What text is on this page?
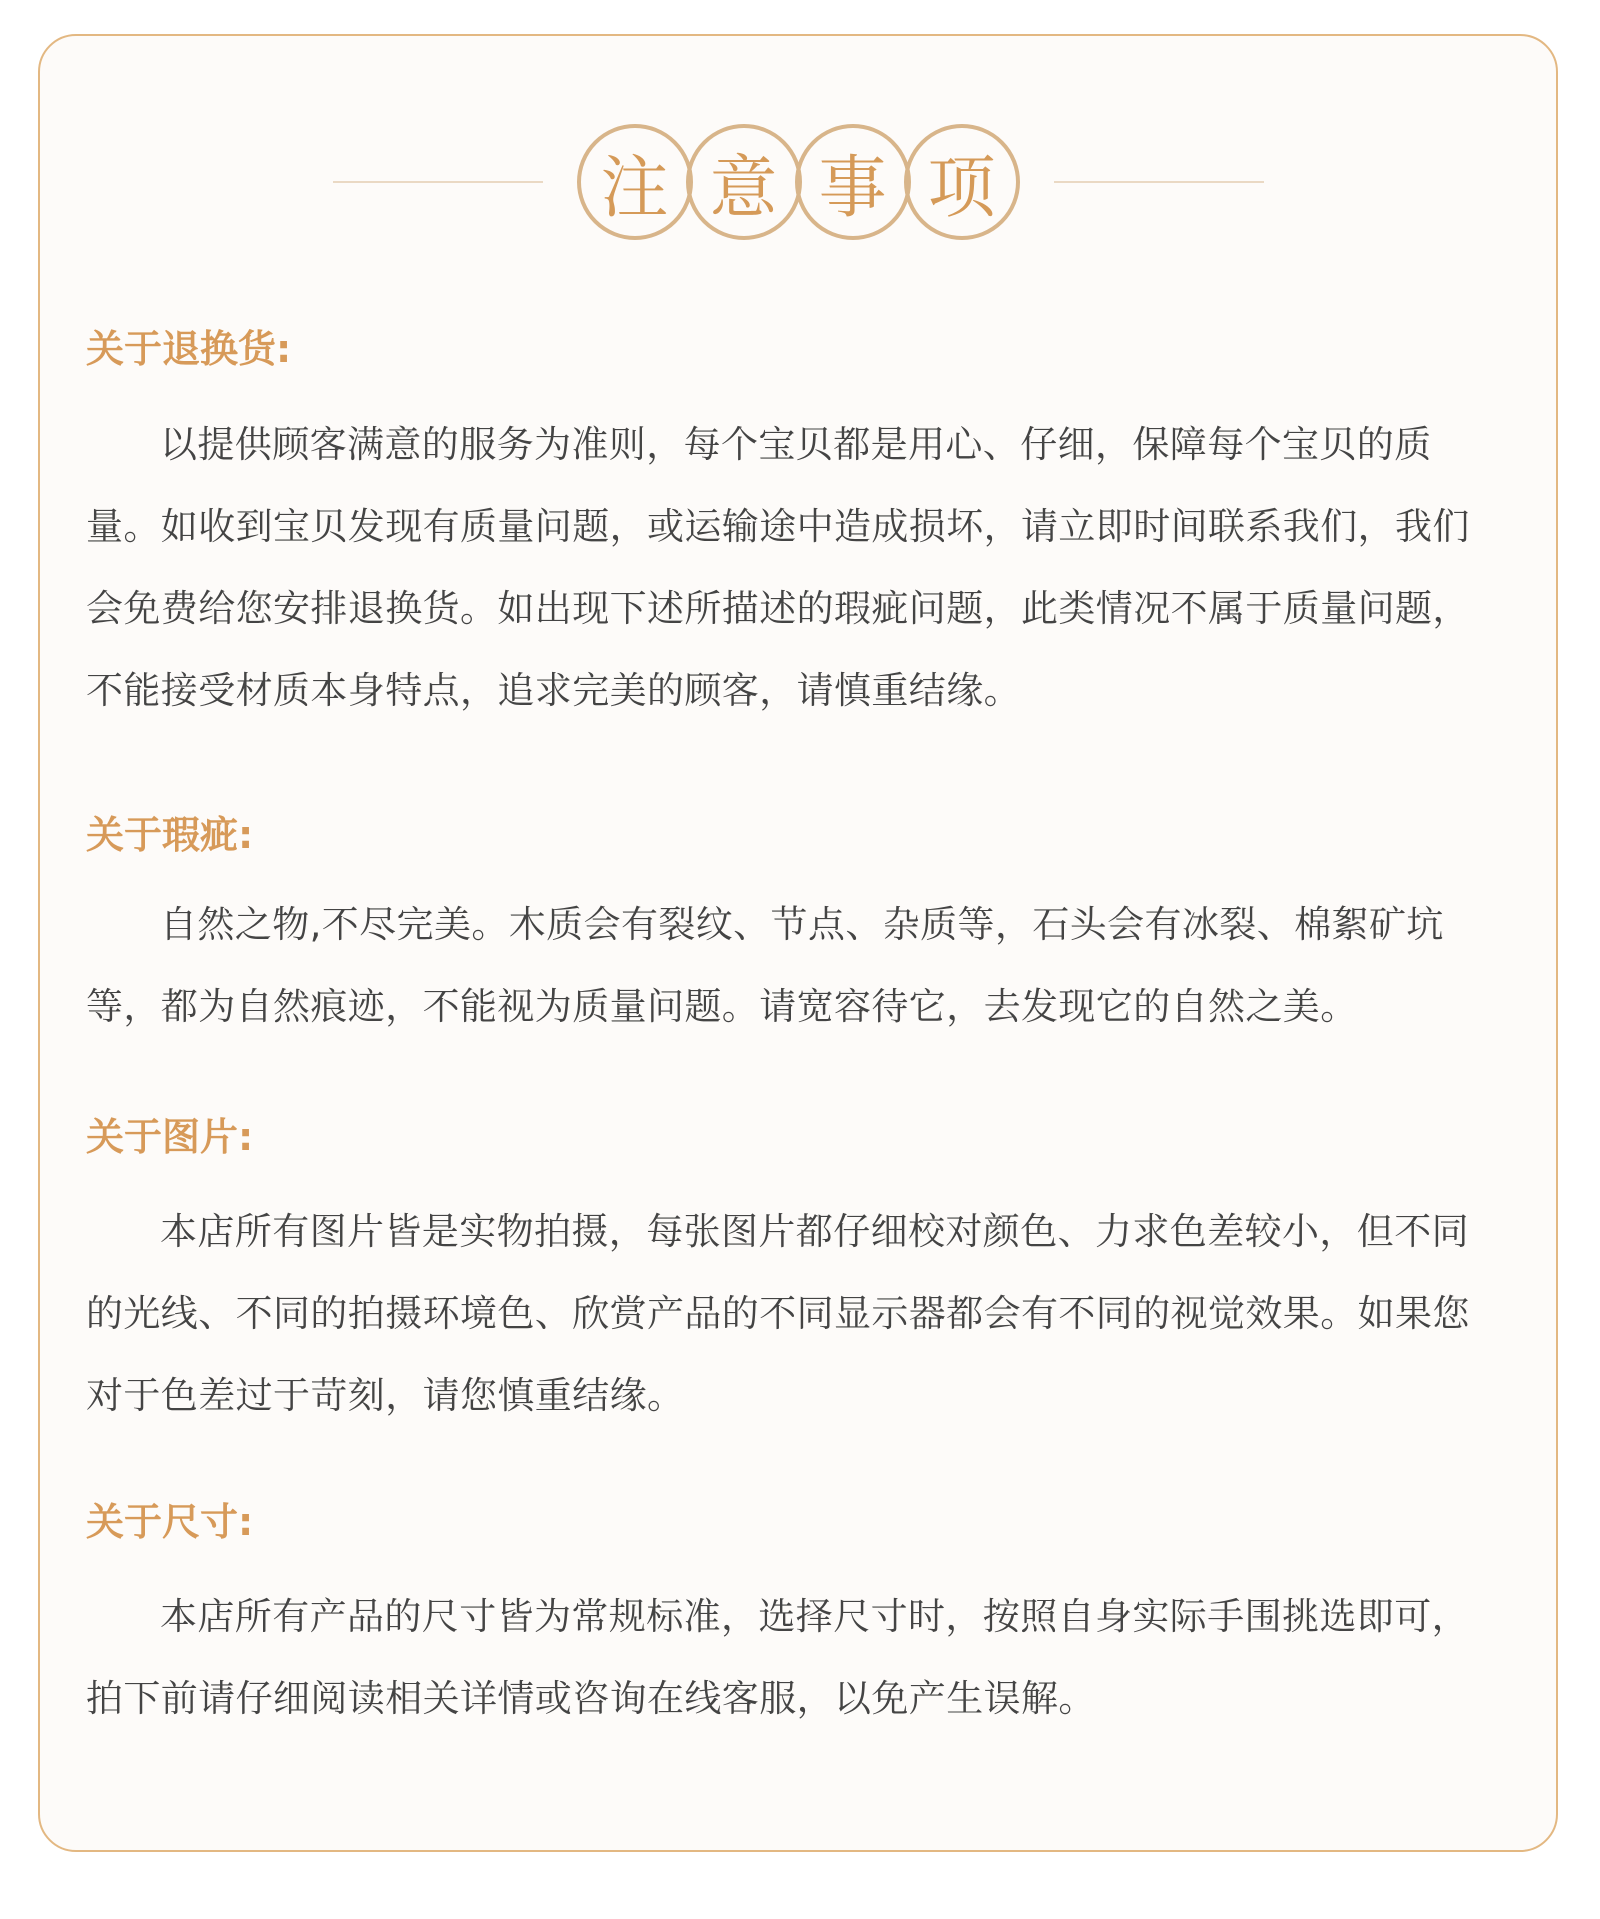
注 意 事 项
关于退换货:

以提供顾客满意的服务为准则，每个宝贝都是用心、仔细，保障每个宝贝的质量。如收到宝贝发现有质量问题，或运输途中造成损坏，请立即时间联系我们，我们会免费给您安排退换货。如出现下述所描述的瑕疵问题，此类情况不属于质量问题，不能接受材质本身特点，追求完美的顾客，请慎重结缘。

关于瑕疵:

自然之物,不尽完美。木质会有裂纹、节点、杂质等，石头会有冰裂、棉絮矿坑等，都为自然痕迹，不能视为质量问题。请宽容待它，去发现它的自然之美。

关于图片:

本店所有图片皆是实物拍摄，每张图片都仔细校对颜色、力求色差较小，但不同的光线、不同的拍摄环境色、欣赏产品的不同显示器都会有不同的视觉效果。如果您对于色差过于苛刻，请您慎重结缘。

关于尺寸:

本店所有产品的尺寸皆为常规标准，选择尺寸时，按照自身实际手围挑选即可，拍下前请仔细阅读相关详情或咨询在线客服，以免产生误解。
